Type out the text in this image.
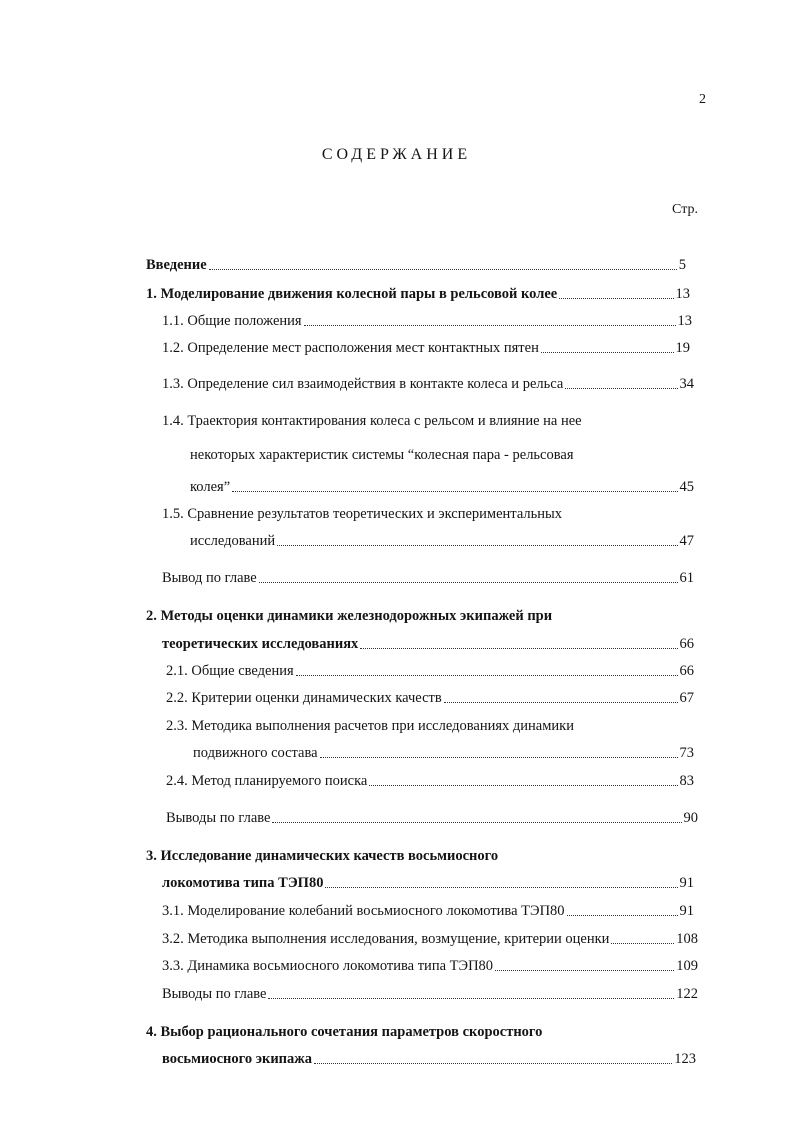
2
СОДЕРЖАНИЕ
Стр.
Введение	5
1. Моделирование движения колесной пары в рельсовой колее	13
1.1. Общие положения	13
1.2. Определение мест расположения мест контактных пятен	19
1.3. Определение сил взаимодействия в контакте колеса и рельса	34
1.4. Траектория контактирования колеса с рельсом и влияние на нее
некоторых характеристик системы “колесная пара - рельсовая
колея”	45
1.5. Сравнение результатов теоретических и экспериментальных
исследований	47
Вывод по главе	61
2. Методы оценки динамики железнодорожных экипажей при
теоретических исследованиях	66
2.1. Общие сведения	66
2.2. Критерии оценки динамических качеств	67
2.3. Методика выполнения расчетов при исследованиях динамики
подвижного состава	73
2.4. Метод планируемого поиска	83
Выводы по главе	90
3. Исследование динамических качеств восьмиосного
локомотива типа ТЭП80	91
3.1. Моделирование колебаний восьмиосного локомотива ТЭП80	91
3.2. Методика выполнения исследования, возмущение, критерии оценки	108
3.3. Динамика восьмиосного локомотива типа ТЭП80	109
Выводы по главе	122
4. Выбор рационального сочетания параметров скоростного
восьмиосного экипажа	123
